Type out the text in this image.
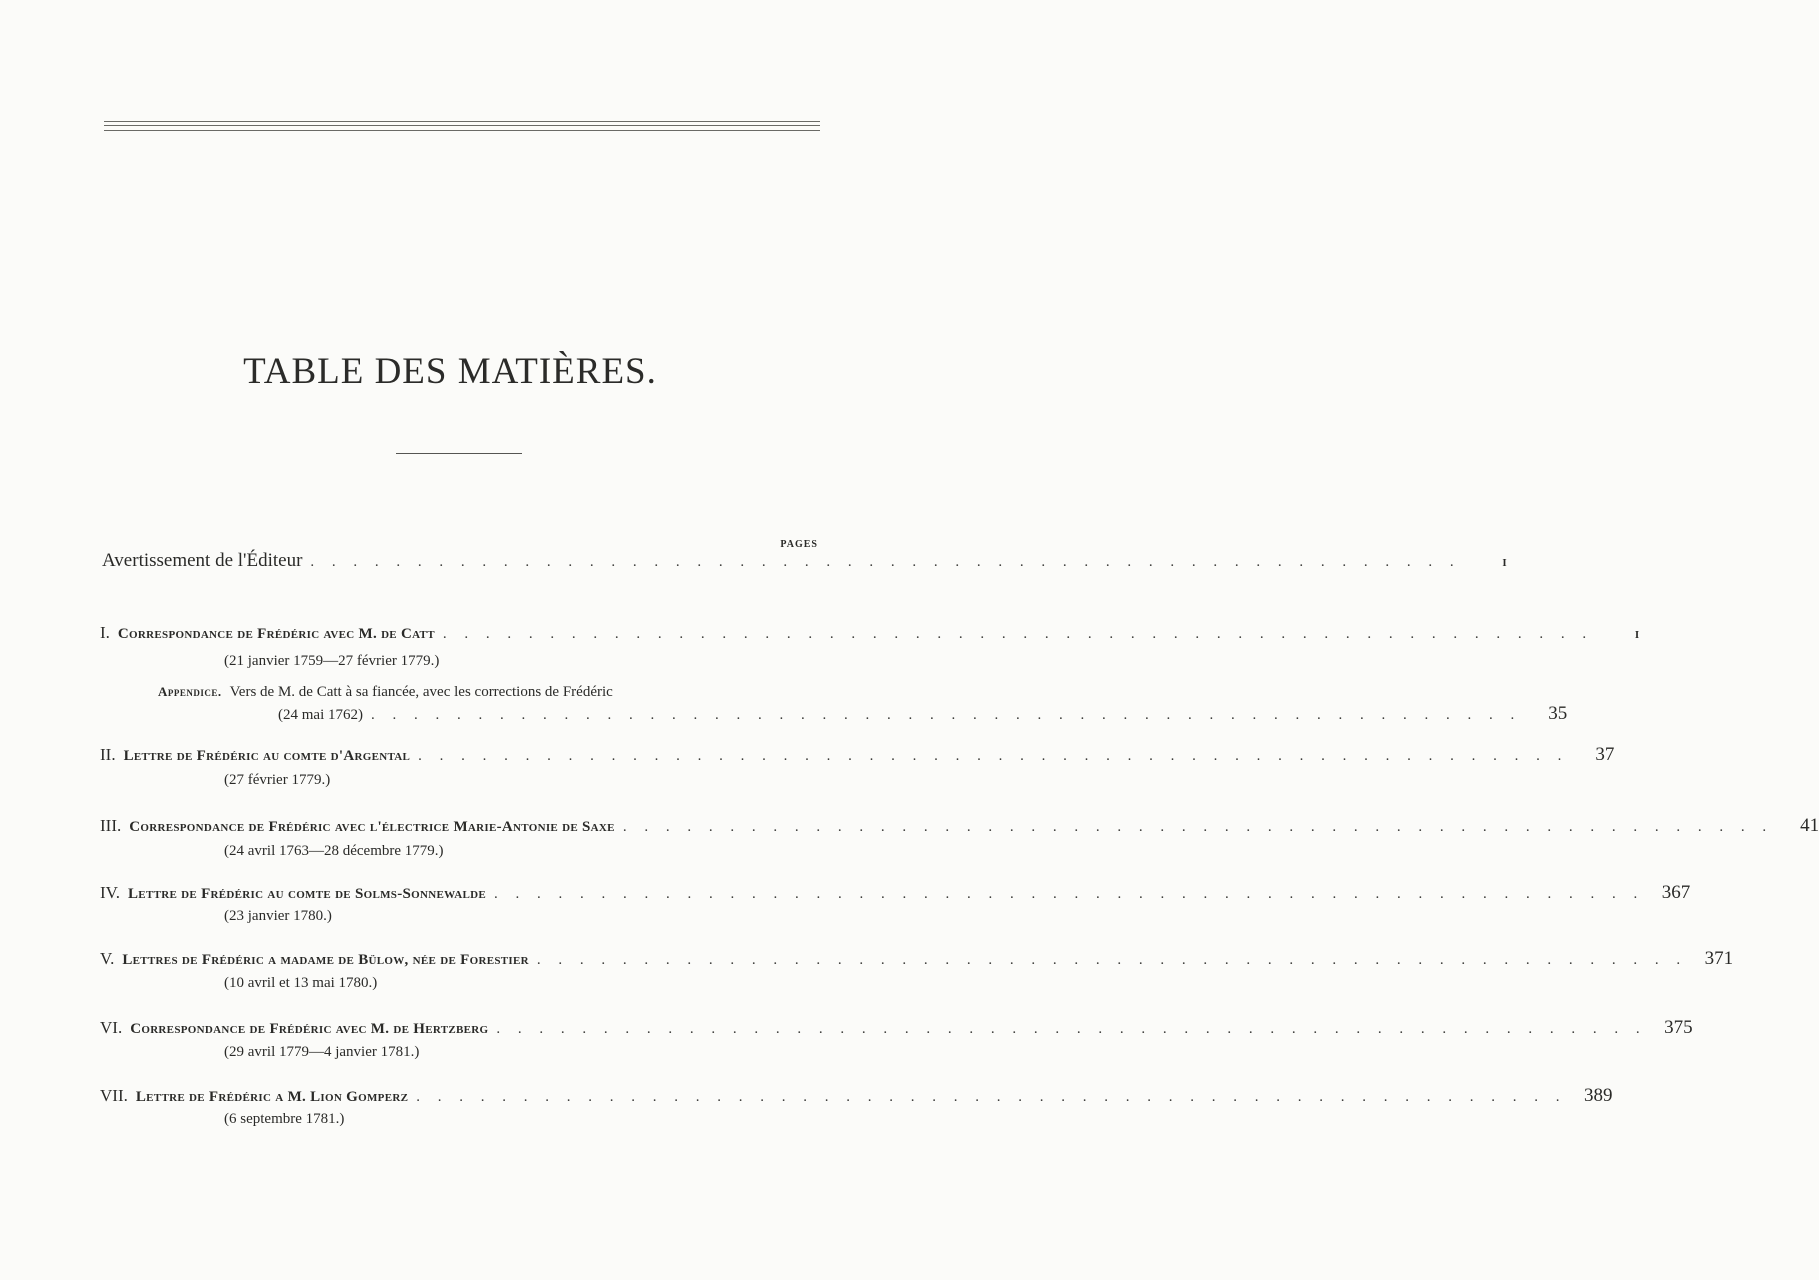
TABLE DES MATIÈRES.
PAGES
Avertissement de l'Éditeur . . . . . . . . . . . . . . . . . . . . . . . . . . . . . . . . . . . . . . . . . . . . . . . . . . . . . .	I
I. Correspondance de Frédéric avec M. de Catt . . . . . . . . . . . . . . . . . . . . . . . . . . . . . . . . . . . . . . . . . . . . . . . . . . . . . .	I
(21 janvier 1759—27 février 1779.)
Appendice. Vers de M. de Catt à sa fiancée, avec les corrections de Frédéric
(24 mai 1762) . . . . . . . . . . . . . . . . . . . . . . . . . . . . . . . . . . . . . . . . . . . . . . . . . . . . . .	35
II. Lettre de Frédéric au comte d'Argental . . . . . . . . . . . . . . . . . . . . . . . . . . . . . . . . . . . . . . . . . . . . . . . . . . . . . .	37
(27 février 1779.)
III. Correspondance de Frédéric avec l'électrice Marie-Antonie de Saxe . . . . . . . . . . . . . . . . . . . . . . . . . . . . . . . . . . . . . . . . . . . . . . . . . . . . . .	41
(24 avril 1763—28 décembre 1779.)
IV. Lettre de Frédéric au comte de Solms-Sonnewalde . . . . . . . . . . . . . . . . . . . . . . . . . . . . . . . . . . . . . . . . . . . . . . . . . . . . . . 367
(23 janvier 1780.)
V. Lettres de Frédéric a madame de Bülow, née de Forestier . . . . . . . . . . . . . . . . . . . . . . . . . . . . . . . . . . . . . . . . . . . . . . . . . . . . . . 371
(10 avril et 13 mai 1780.)
VI. Correspondance de Frédéric avec M. de Hertzberg . . . . . . . . . . . . . . . . . . . . . . . . . . . . . . . . . . . . . . . . . . . . . . . . . . . . . . 375
(29 avril 1779—4 janvier 1781.)
VII. Lettre de Frédéric a M. Lion Gomperz . . . . . . . . . . . . . . . . . . . . . . . . . . . . . . . . . . . . . . . . . . . . . . . . . . . . . . 389
(6 septembre 1781.)
